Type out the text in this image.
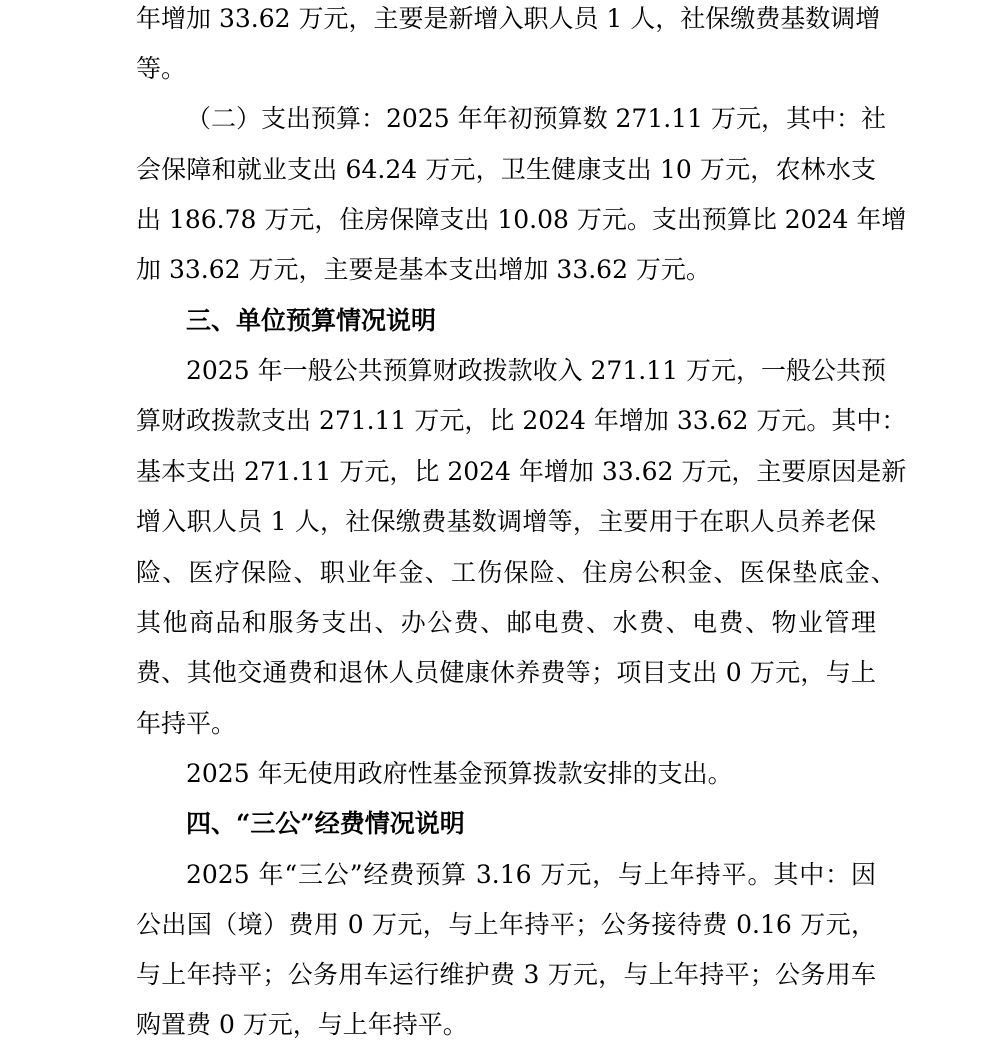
年增加 33.62 万元，主要是新增入职人员 1 人，社保缴费基数调增
等。
（二）支出预算：2025 年年初预算数 271.11 万元，其中：社
会保障和就业支出 64.24 万元，卫生健康支出 10 万元，农林水支
出 186.78 万元，住房保障支出 10.08 万元。支出预算比 2024 年增
加 33.62 万元，主要是基本支出增加 33.62 万元。
三、单位预算情况说明
2025 年一般公共预算财政拨款收入 271.11 万元，一般公共预
算财政拨款支出 271.11 万元，比 2024 年增加 33.62 万元。其中：
基本支出 271.11 万元，比 2024 年增加 33.62 万元，主要原因是新
增入职人员 1 人，社保缴费基数调增等，主要用于在职人员养老保
险、医疗保险、职业年金、工伤保险、住房公积金、医保垫底金、
其他商品和服务支出、办公费、邮电费、水费、电费、物业管理
费、其他交通费和退休人员健康休养费等；项目支出 0 万元，与上
年持平。
2025 年无使用政府性基金预算拨款安排的支出。
四、“三公”经费情况说明
2025 年“三公”经费预算 3.16 万元，与上年持平。其中：因
公出国（境）费用 0 万元，与上年持平；公务接待费 0.16 万元，
与上年持平；公务用车运行维护费 3 万元，与上年持平；公务用车
购置费 0 万元，与上年持平。
